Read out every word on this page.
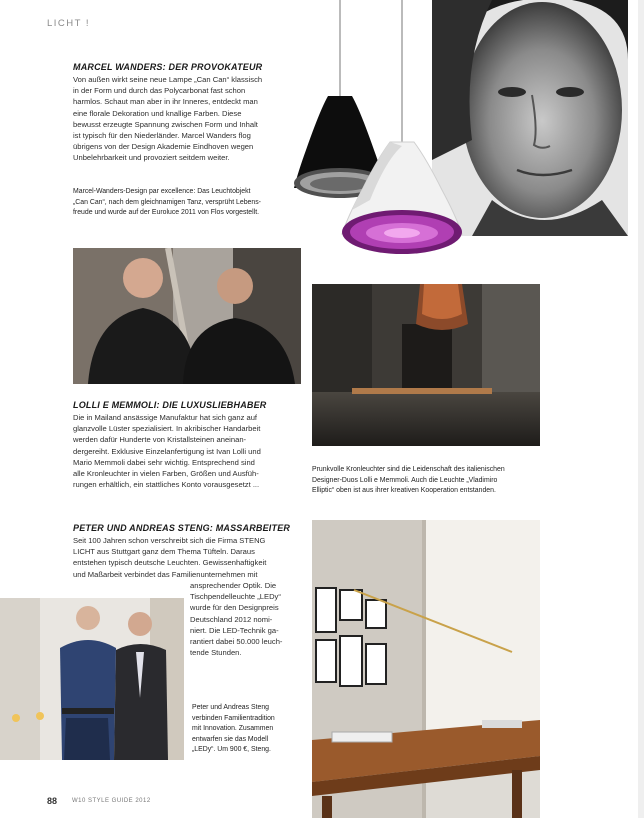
LICHT !
MARCEL WANDERS: DER PROVOKATEUR
Von außen wirkt seine neue Lampe „Can Can“ klassisch
in der Form und durch das Polycarbonat fast schon
harmlos. Schaut man aber in ihr Inneres, entdeckt man
eine florale Dekoration und knallige Farben. Diese
bewusst erzeugte Spannung zwischen Form und Inhalt
ist typisch für den Niederländer. Marcel Wanders flog
übrigens von der Design Akademie Eindhoven wegen
Unbelehrbarkeit und provoziert seitdem weiter.
Marcel-Wanders-Design par excellence: Das Leuchtobjekt
„Can Can“, nach dem gleichnamigen Tanz, versprüht Lebens-
freude und wurde auf der Euroluce 2011 von Flos vorgestellt.
LOLLI E MEMMOLI: DIE LUXUSLIEBHABER
Die in Mailand ansässige Manufaktur hat sich ganz auf
glanzvolle Lüster spezialisiert. In akribischer Handarbeit
werden dafür Hunderte von Kristallsteinen aneinan-
dergereiht. Exklusive Einzelanfertigung ist Ivan Lolli und
Mario Memmoli dabei sehr wichtig. Entsprechend sind
alle Kronleuchter in vielen Farben, Größen und Ausfüh-
rungen erhältlich, ein stattliches Konto vorausgesetzt ...
Prunkvolle Kronleuchter sind die Leidenschaft des italienischen
Designer-Duos Lolli e Memmoli. Auch die Leuchte „Vladimiro
Elliptic“ oben ist aus ihrer kreativen Kooperation entstanden.
PETER UND ANDREAS STENG: MASSARBEITER
Seit 100 Jahren schon verschreibt sich die Firma STENG
LICHT aus Stuttgart ganz dem Thema Tüfteln. Daraus
entstehen typisch deutsche Leuchten. Gewissenhaftigkeit
und Maßarbeit verbindet das Familienunternehmen mit
ansprechender Optik. Die
Tischpendelleuchte „LEDy“
wurde für den Designpreis
Deutschland 2012 nomi-
niert. Die LED-Technik ga-
rantiert dabei 50.000 leuch-
tende Stunden.
Peter und Andreas Steng
verbinden Familientradition
mit Innovation. Zusammen
entwarfen sie das Modell
„LEDy“. Um 900 €, Steng.
88 W10 STYLE GUIDE 2012
